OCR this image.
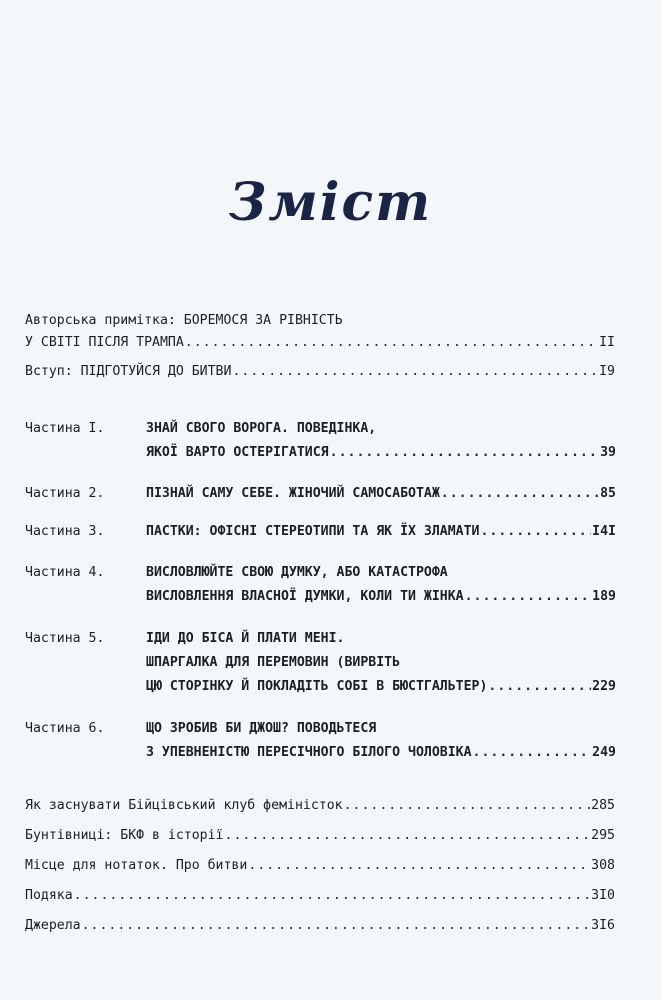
Зміст
Авторська примітка: БОРЕМОСЯ ЗА РІВНІСТЬ
У СВІТІ ПІСЛЯ ТРАМПА .....	II
Вступ: ПІДГОТУЙСЯ ДО БИТВИ .....	I9
Частина I.	ЗНАЙ СВОГО ВОРОГА. ПОВЕДІНКА,
ЯКОЇ ВАРТО ОСТЕРІГАТИСЯ .....	39
Частина 2.	ПІЗНАЙ САМУ СЕБЕ. ЖІНОЧИЙ САМОСАБОТАЖ .....	85
Частина 3.	ПАСТКИ: ОФІСНІ СТЕРЕОТИПИ ТА ЯК ЇХ ЗЛАМАТИ .....	I4I
Частина 4.	ВИСЛОВЛЮЙТЕ СВОЮ ДУМКУ, АБО КАТАСТРОФА
ВИСЛОВЛЕННЯ ВЛАСНОЇ ДУМКИ, КОЛИ ТИ ЖІНКА .....	189
Частина 5.	ІДИ ДО БІСА Й ПЛАТИ МЕНІ.
ШПАРГАЛКА ДЛЯ ПЕРЕМОВИН (ВИРВІТЬ
ЦЮ СТОРІНКУ Й ПОКЛАДІТЬ СОБІ В БЮСТГАЛЬТЕР) .....	229
Частина 6.	ЩО ЗРОБИВ БИ ДЖОШ? ПОВОДЬТЕСЯ
З УПЕВНЕНІСТЮ ПЕРЕСІЧНОГО БІЛОГО ЧОЛОВІКА .....	249
Як заснувати Бійцівський клуб феміністок .....	285
Бунтівниці: БКФ в історії .....	295
Місце для нотаток. Про битви .....	308
Подяка .....	3I0
Джерела .....	3I6
